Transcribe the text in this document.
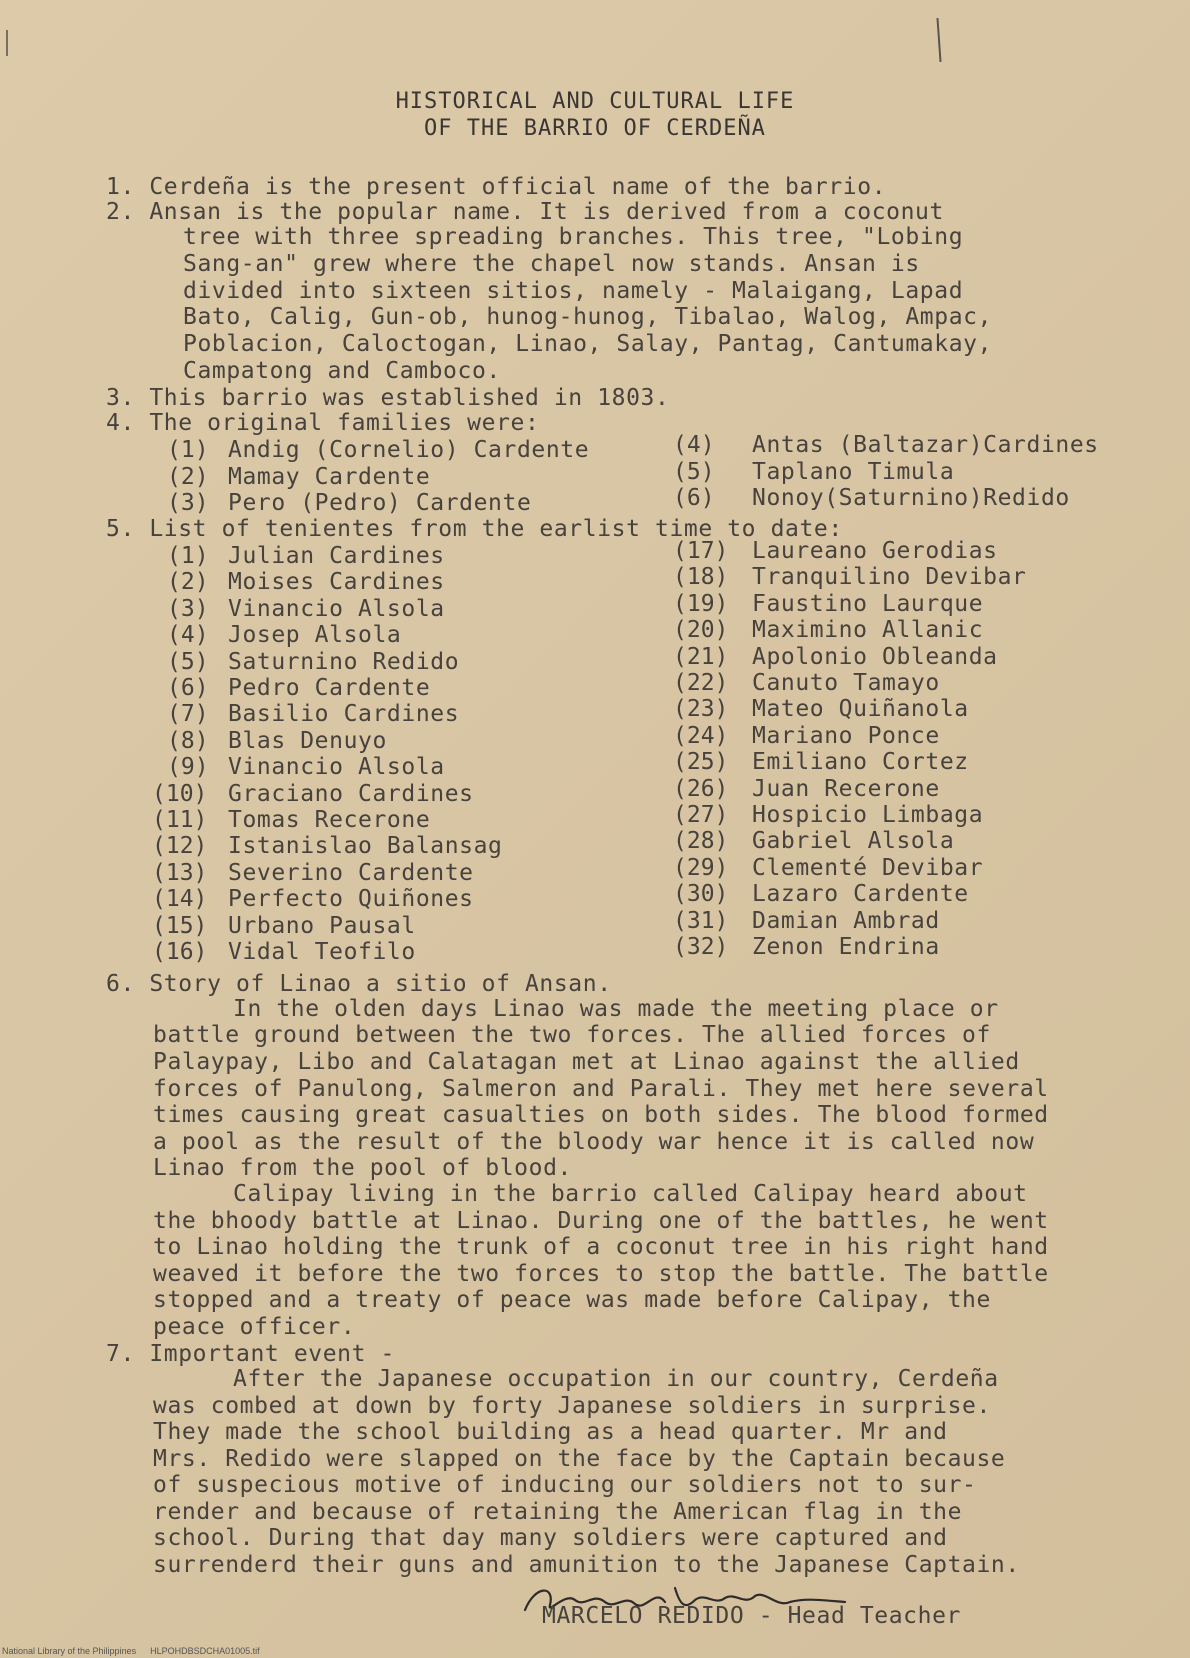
HISTORICAL AND CULTURAL LIFE
OF THE BARRIO OF CERDEÑA
1. Cerdeña is the present official name of the barrio.
2. Ansan is the popular name. It is derived from a coconut
tree with three spreading branches. This tree, "Lobing
Sang-an" grew where the chapel now stands. Ansan is
divided into sixteen sitios, namely - Malaigang, Lapad
Bato, Calig, Gun-ob, hunog-hunog, Tibalao, Walog, Ampac,
Poblacion, Caloctogan, Linao, Salay, Pantag, Cantumakay,
Campatong and Camboco.
3. This barrio was established in 1803.
4. The original families were:
(1) Andig (Cornelio) Cardente
(2) Mamay Cardente
(3) Pero (Pedro) Cardente
(4) Antas (Baltazar)Cardines
(5) Taplano Timula
(6) Nonoy(Saturnino)Redido
5. List of tenientes from the earlist time to date:
(1) Julian Cardines
(2) Moises Cardines
(3) Vinancio Alsola
(4) Josep Alsola
(5) Saturnino Redido
(6) Pedro Cardente
(7) Basilio Cardines
(8) Blas Denuyo
(9) Vinancio Alsola
(10) Graciano Cardines
(11) Tomas Recerone
(12) Istanislao Balansag
(13) Severino Cardente
(14) Perfecto Quiñones
(15) Urbano Pausal
(16) Vidal Teofilo
(17) Laureano Gerodias
(18) Tranquilino Devibar
(19) Faustino Laurque
(20) Maximino Allanic
(21) Apolonio Obleanda
(22) Canuto Tamayo
(23) Mateo Quiñanola
(24) Mariano Ponce
(25) Emiliano Cortez
(26) Juan Recerone
(27) Hospicio Limbaga
(28) Gabriel Alsola
(29) Clementé Devibar
(30) Lazaro Cardente
(31) Damian Ambrad
(32) Zenon Endrina
6. Story of Linao a sitio of Ansan.
In the olden days Linao was made the meeting place or
battle ground between the two forces. The allied forces of
Palaypay, Libo and Calatagan met at Linao against the allied
forces of Panulong, Salmeron and Parali. They met here several
times causing great casualties on both sides. The blood formed
a pool as the result of the bloody war hence it is called now
Linao from the pool of blood.
Calipay living in the barrio called Calipay heard about
the bhoody battle at Linao. During one of the battles, he went
to Linao holding the trunk of a coconut tree in his right hand
weaved it before the two forces to stop the battle. The battle
stopped and a treaty of peace was made before Calipay, the
peace officer.
7. Important event -
After the Japanese occupation in our country, Cerdeña
was combed at down by forty Japanese soldiers in surprise.
They made the school building as a head quarter. Mr and
Mrs. Redido were slapped on the face by the Captain because
of suspecious motive of inducing our soldiers not to sur-
render and because of retaining the American flag in the
school. During that day many soldiers were captured and
surrenderd their guns and amunition to the Japanese Captain.
MARCELO REDIDO - Head Teacher
National Library of the Philippines HLPOHDBSDCHA01005.tif
